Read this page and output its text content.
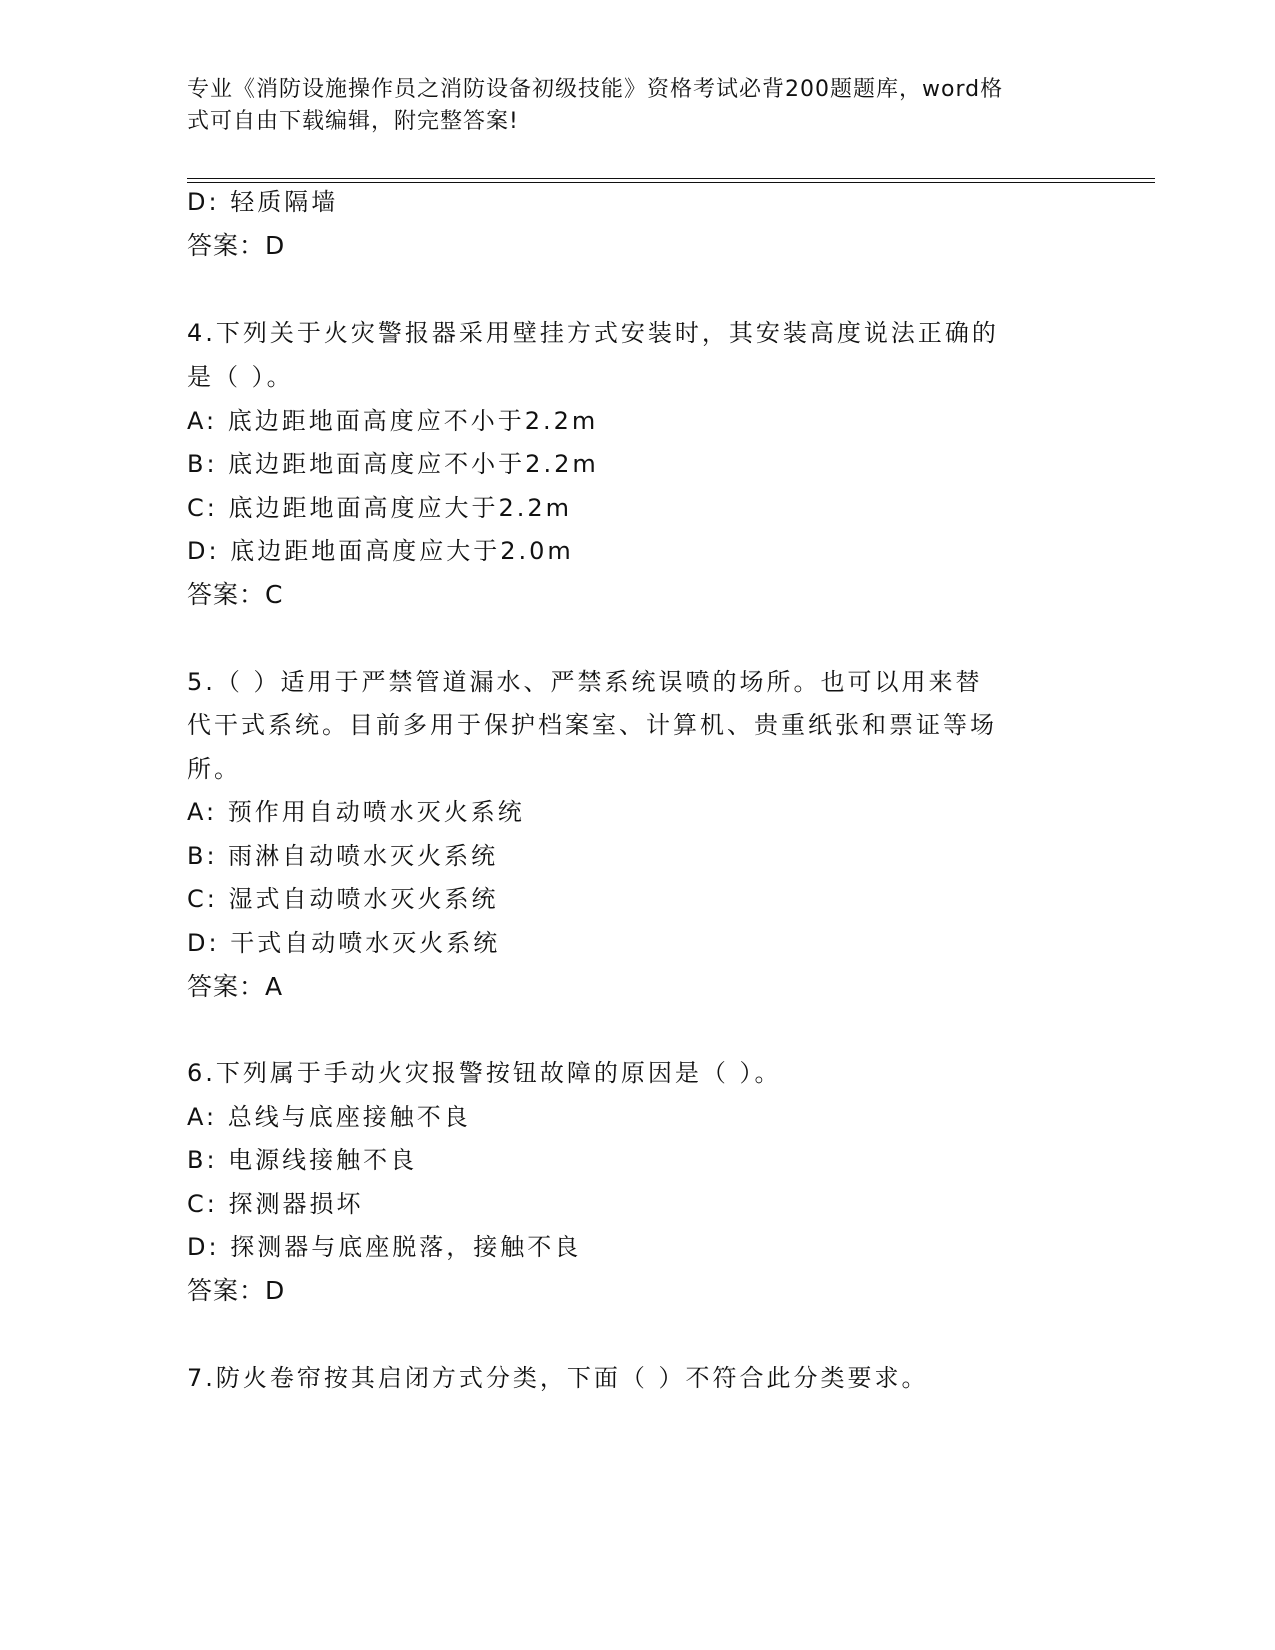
专业《消防设施操作员之消防设备初级技能》资格考试必背200题题库，word格
式可自由下载编辑，附完整答案!
D: 轻质隔墙
答案：D
4.下列关于火灾警报器采用壁挂方式安装时，其安装高度说法正确的
是（ ）。
A: 底边距地面高度应不小于2.2m
B: 底边距地面高度应不小于2.2m
C: 底边距地面高度应大于2.2m
D: 底边距地面高度应大于2.0m
答案：C
5.（ ）适用于严禁管道漏水、严禁系统误喷的场所。也可以用来替
代干式系统。目前多用于保护档案室、计算机、贵重纸张和票证等场
所。
A: 预作用自动喷水灭火系统
B: 雨淋自动喷水灭火系统
C: 湿式自动喷水灭火系统
D: 干式自动喷水灭火系统
答案：A
6.下列属于手动火灾报警按钮故障的原因是（ ）。
A: 总线与底座接触不良
B: 电源线接触不良
C: 探测器损坏
D: 探测器与底座脱落，接触不良
答案：D
7.防火卷帘按其启闭方式分类，下面（ ）不符合此分类要求。
